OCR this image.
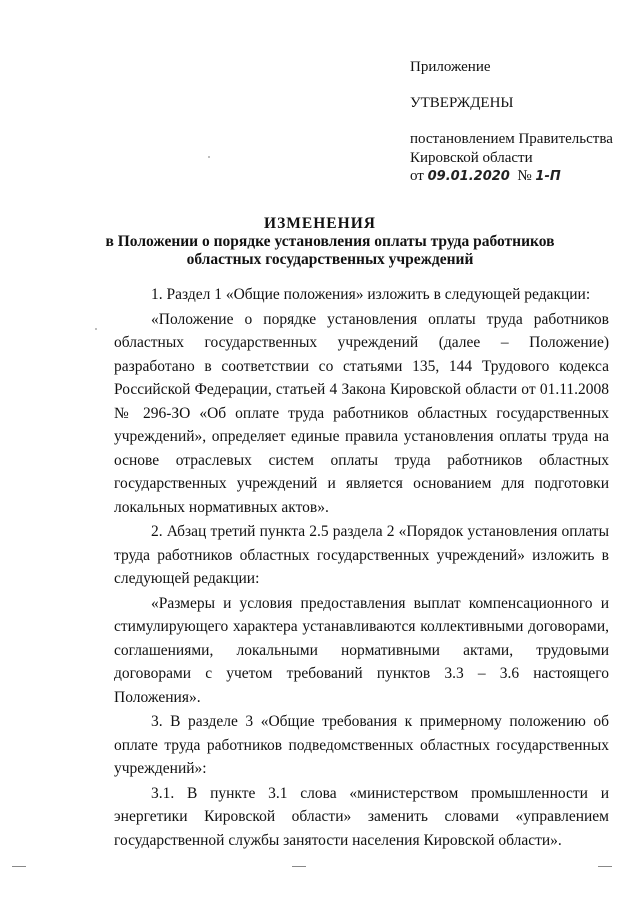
Приложение
УТВЕРЖДЕНЫ
постановлением Правительства
Кировской области
от 09.01.2020 № 1-П
ИЗМЕНЕНИЯ
в Положении о порядке установления оплаты труда работников
областных государственных учреждений

1. Раздел 1 «Общие положения» изложить в следующей редакции:

«Положение о порядке установления оплаты труда работников областных государственных учреждений (далее – Положение) разработано в соответствии со статьями 135, 144 Трудового кодекса Российской Федерации, статьей 4 Закона Кировской области от 01.11.2008 № 296-ЗО «Об оплате труда работников областных государственных учреждений», определяет единые правила установления оплаты труда на основе отраслевых систем оплаты труда работников областных государственных учреждений и является основанием для подготовки локальных нормативных актов».

2. Абзац третий пункта 2.5 раздела 2 «Порядок установления оплаты труда работников областных государственных учреждений» изложить в следующей редакции:

«Размеры и условия предоставления выплат компенсационного и стимулирующего характера устанавливаются коллективными договорами, соглашениями, локальными нормативными актами, трудовыми договорами с учетом требований пунктов 3.3 – 3.6 настоящего Положения».

3. В разделе 3 «Общие требования к примерному положению об оплате труда работников подведомственных областных государственных учреждений»:

3.1. В пункте 3.1 слова «министерством промышленности и энергетики Кировской области» заменить словами «управлением государственной службы занятости населения Кировской области».
